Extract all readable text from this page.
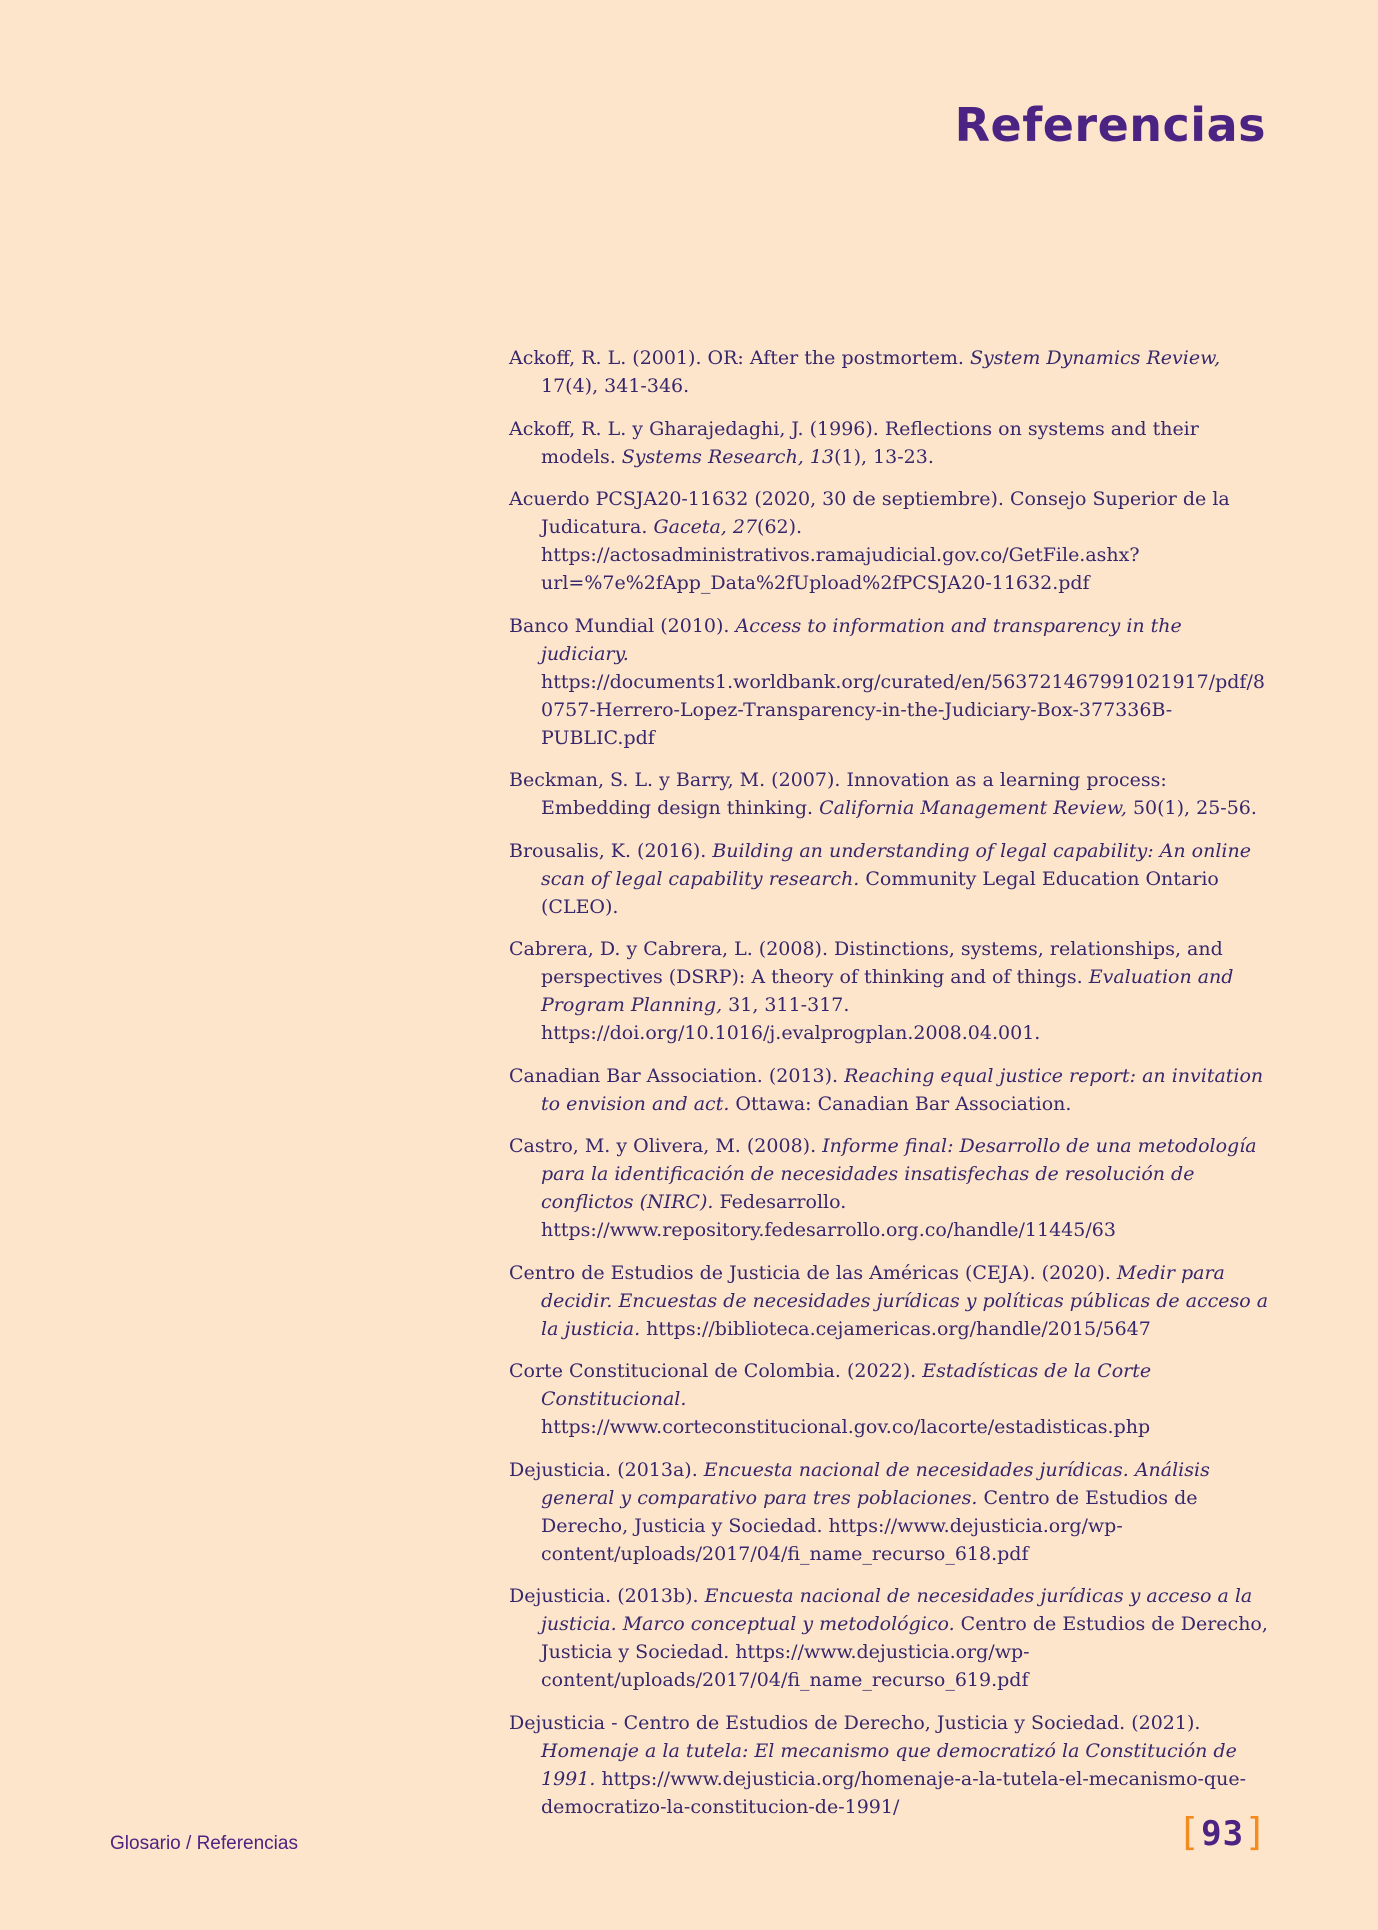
Referencias
Ackoff, R. L. (2001). OR: After the postmortem. System Dynamics Review, 17(4), 341-346.
Ackoff, R. L. y Gharajedaghi, J. (1996). Reflections on systems and their models. Systems Research, 13(1), 13-23.
Acuerdo PCSJA20-11632 (2020, 30 de septiembre). Consejo Superior de la Judicatura. Gaceta, 27(62). https://actosadministrativos.ramajudicial.gov.co/GetFile.ashx?url=%7e%2fApp_Data%2fUpload%2fPCSJA20-11632.pdf
Banco Mundial (2010). Access to information and transparency in the judiciary. https://documents1.worldbank.org/curated/en/563721467991021917/pdf/80757-Herrero-Lopez-Transparency-in-the-Judiciary-Box-377336B-PUBLIC.pdf
Beckman, S. L. y Barry, M. (2007). Innovation as a learning process: Embedding design thinking. California Management Review, 50(1), 25-56.
Brousalis, K. (2016). Building an understanding of legal capability: An online scan of legal capability research. Community Legal Education Ontario (CLEO).
Cabrera, D. y Cabrera, L. (2008). Distinctions, systems, relationships, and perspectives (DSRP): A theory of thinking and of things. Evaluation and Program Planning, 31, 311-317. https://doi.org/10.1016/j.evalprogplan.2008.04.001.
Canadian Bar Association. (2013). Reaching equal justice report: an invitation to envision and act. Ottawa: Canadian Bar Association.
Castro, M. y Olivera, M. (2008). Informe final: Desarrollo de una metodología para la identificación de necesidades insatisfechas de resolución de conflictos (NIRC). Fedesarrollo. https://www.repository.fedesarrollo.org.co/handle/11445/63
Centro de Estudios de Justicia de las Américas (CEJA). (2020). Medir para decidir. Encuestas de necesidades jurídicas y políticas públicas de acceso a la justicia. https://biblioteca.cejamericas.org/handle/2015/5647
Corte Constitucional de Colombia. (2022). Estadísticas de la Corte Constitucional. https://www.corteconstitucional.gov.co/lacorte/estadisticas.php
Dejusticia. (2013a). Encuesta nacional de necesidades jurídicas. Análisis general y comparativo para tres poblaciones. Centro de Estudios de Derecho, Justicia y Sociedad. https://www.dejusticia.org/wp-content/uploads/2017/04/fi_name_recurso_618.pdf
Dejusticia. (2013b). Encuesta nacional de necesidades jurídicas y acceso a la justicia. Marco conceptual y metodológico. Centro de Estudios de Derecho, Justicia y Sociedad. https://www.dejusticia.org/wp-content/uploads/2017/04/fi_name_recurso_619.pdf
Dejusticia - Centro de Estudios de Derecho, Justicia y Sociedad. (2021). Homenaje a la tutela: El mecanismo que democratizó la Constitución de 1991. https://www.dejusticia.org/homenaje-a-la-tutela-el-mecanismo-que-democratizo-la-constitucion-de-1991/
Glosario / Referencias	[93]
